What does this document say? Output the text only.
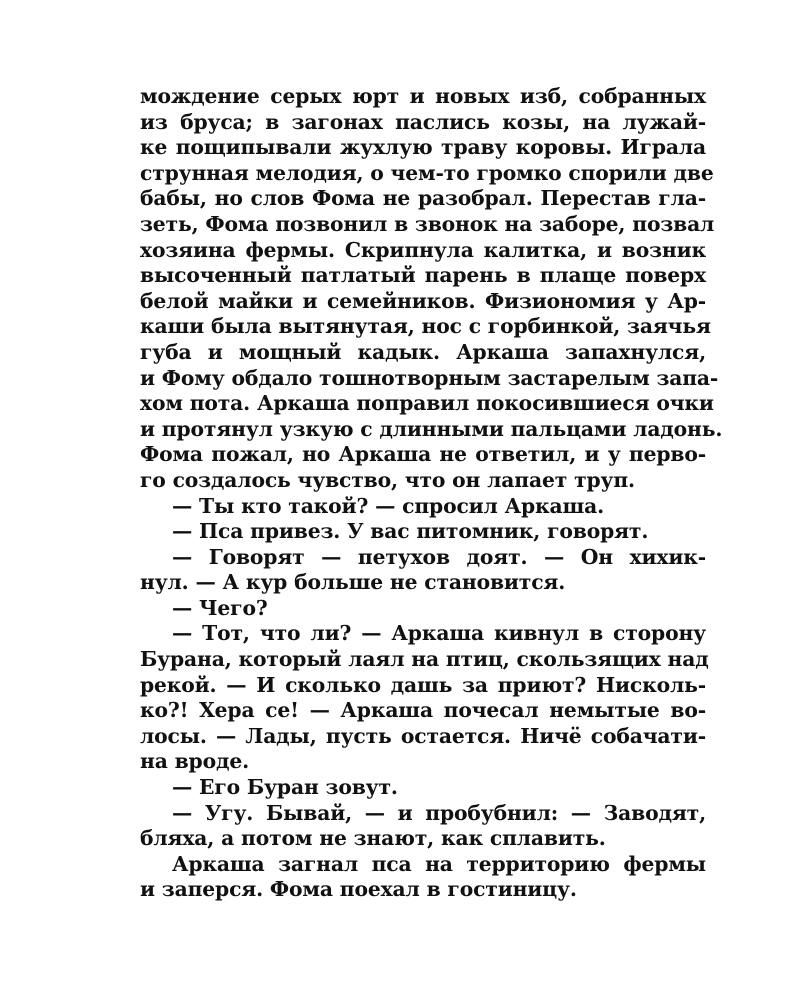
мождение серых юрт и новых изб, собранных
из бруса; в загонах паслись козы, на лужай-
ке пощипывали жухлую траву коровы. Играла
струнная мелодия, о чем-то громко спорили две
бабы, но слов Фома не разобрал. Перестав гла-
зеть, Фома позвонил в звонок на заборе, позвал
хозяина фермы. Скрипнула калитка, и возник
высоченный патлатый парень в плаще поверх
белой майки и семейников. Физиономия у Ар-
каши была вытянутая, нос с горбинкой, заячья
губа и мощный кадык. Аркаша запахнулся,
и Фому обдало тошнотворным застарелым запа-
хом пота. Аркаша поправил покосившиеся очки
и протянул узкую с длинными пальцами ладонь.
Фома пожал, но Аркаша не ответил, и у перво-
го создалось чувство, что он лапает труп.
— Ты кто такой? — спросил Аркаша.
— Пса привез. У вас питомник, говорят.
— Говорят — петухов доят. — Он хихик-
нул. — А кур больше не становится.
— Чего?
— Тот, что ли? — Аркаша кивнул в сторону
Бурана, который лаял на птиц, скользящих над
рекой. — И сколько дашь за приют? Нисколь-
ко?! Хера се! — Аркаша почесал немытые во-
лосы. — Лады, пусть остается. Ничё собачати-
на вроде.
— Его Буран зовут.
— Угу. Бывай, — и пробубнил: — Заводят,
бляха, а потом не знают, как сплавить.
Аркаша загнал пса на территорию фермы
и заперся. Фома поехал в гостиницу.
